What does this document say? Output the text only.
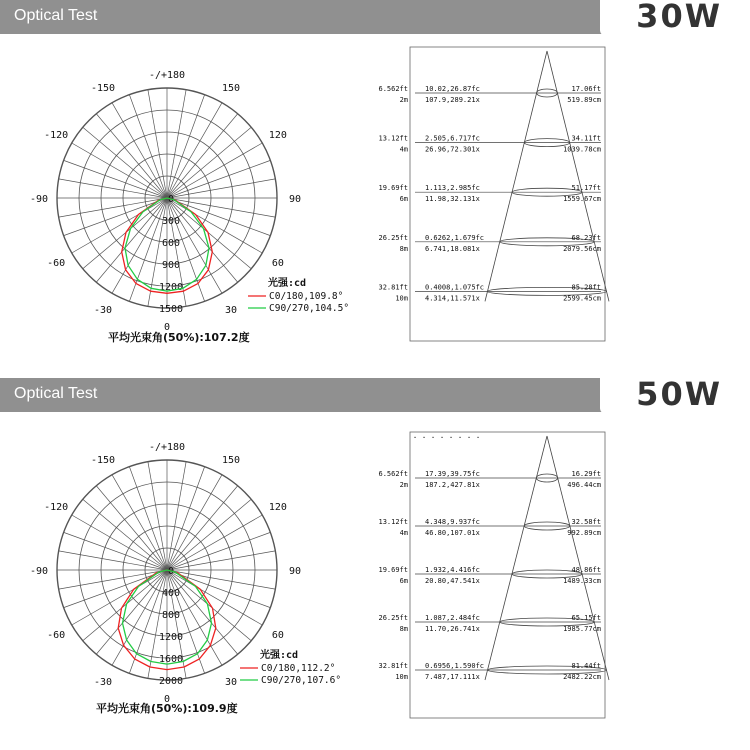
Optical Test	30W
-150	150
-120	120
-90	90
-60	60
-30	30
0
-/+180
0
300
600
900
1200
1500
光强:cd
C0/180,109.8°
C90/270,104.5°
平均光束角(50%):107.2度
6.562ft
2m
10.02,26.87fc
107.9,289.21x
17.06ft
519.89cm
13.12ft
4m
2.505,6.717fc
26.96,72.301x
34.11ft
1039.78cm
19.69ft
6m
1.113,2.985fc
11.98,32.131x
51.17ft
1559.67cm
26.25ft
8m
0.6262,1.679fc
6.741,18.081x
68.23ft
2079.56cm
32.81ft
10m
0.4008,1.075fc
4.314,11.571x
85.28ft
2599.45cm
Optical Test	50W
-150	150
-120	120
-90	90
-60	60
-30	30
0
-/+180
0
400
800
1200
1600
2000
光强:cd
C0/180,112.2°
C90/270,107.6°
平均光束角(50%):109.9度
· · · · · · · ·
6.562ft
2m
17.39,39.75fc
187.2,427.81x
16.29ft
496.44cm
13.12ft
4m
4.348,9.937fc
46.80,107.01x
32.58ft
992.89cm
19.69ft
6m
1.932,4.416fc
20.80,47.541x
48.86ft
1489.33cm
26.25ft
8m
1.087,2.484fc
11.70,26.741x
65.15ft
1985.77cm
32.81ft
10m
0.6956,1.590fc
7.487,17.111x
81.44ft
2482.22cm
